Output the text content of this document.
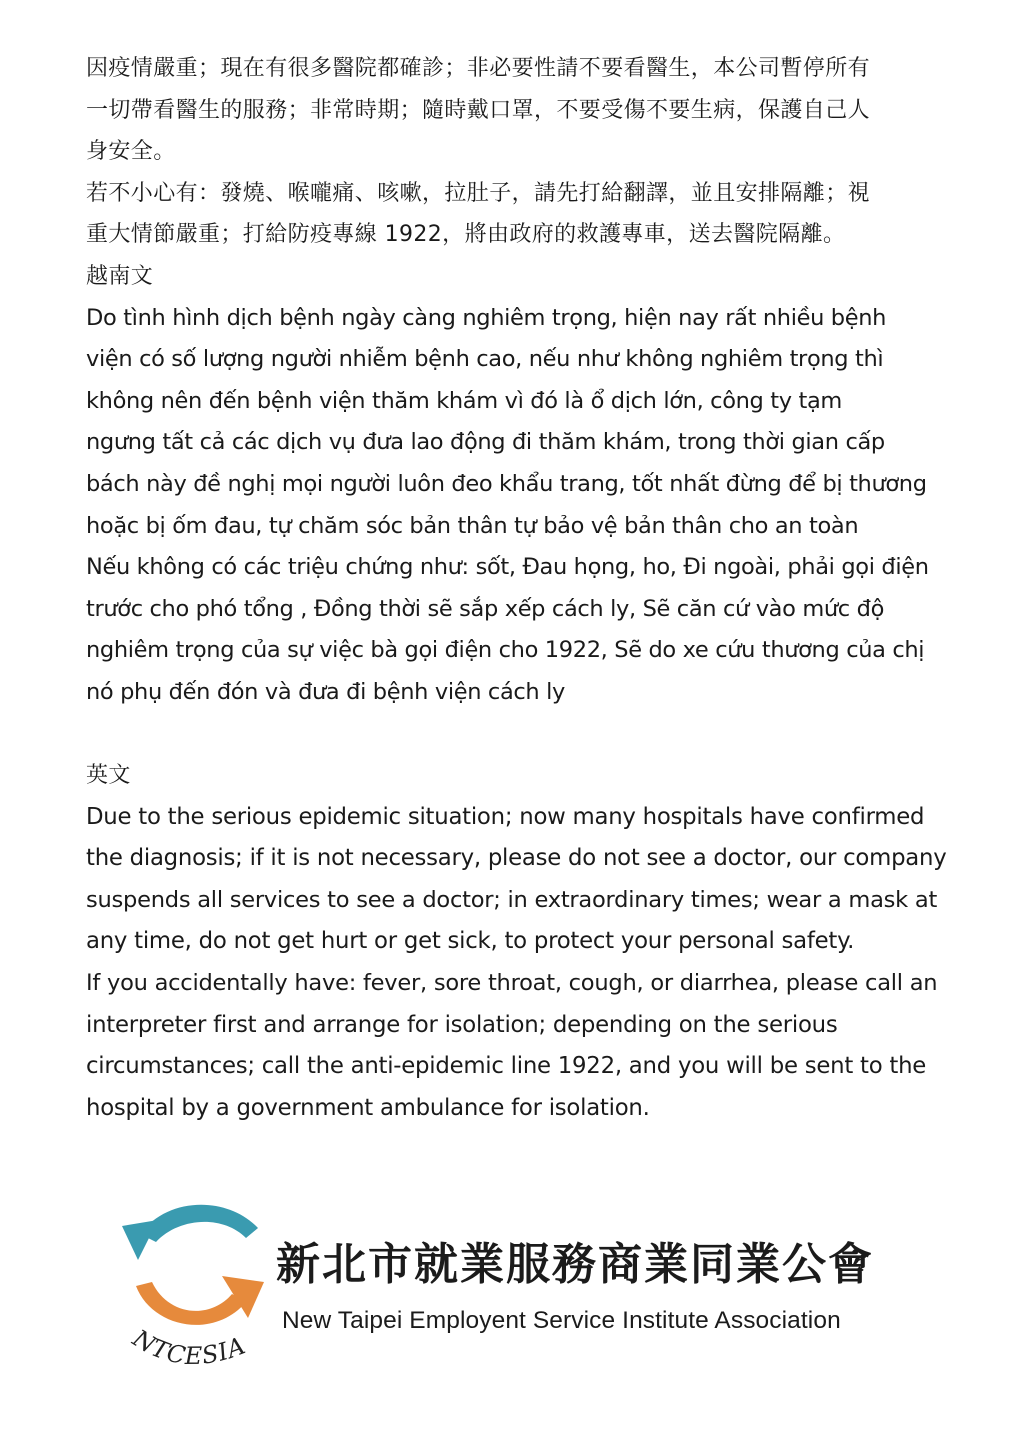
因疫情嚴重；現在有很多醫院都確診；非必要性請不要看醫生，本公司暫停所有
一切帶看醫生的服務；非常時期；隨時戴口罩，不要受傷不要生病，保護自己人
身安全。
若不小心有：發燒、喉嚨痛、咳嗽，拉肚子，請先打給翻譯，並且安排隔離；視
重大情節嚴重；打給防疫專線 1922，將由政府的救護專車，送去醫院隔離。
越南文
Do tình hình dịch bệnh ngày càng nghiêm trọng, hiện nay rất nhiều bệnh
viện có số lượng người nhiễm bệnh cao, nếu như không nghiêm trọng thì
không nên đến bệnh viện thăm khám vì đó là ổ dịch lớn, công ty tạm
ngưng tất cả các dịch vụ đưa lao động đi thăm khám, trong thời gian cấp
bách này đề nghị mọi người luôn đeo khẩu trang, tốt nhất đừng để bị thương
hoặc bị ốm đau, tự chăm sóc bản thân tự bảo vệ bản thân cho an toàn
Nếu không có các triệu chứng như: sốt, Đau họng, ho, Đi ngoài, phải gọi điện
trước cho phó tổng , Đồng thời sẽ sắp xếp cách ly, Sẽ căn cứ vào mức độ
nghiêm trọng của sự việc bà gọi điện cho 1922, Sẽ do xe cứu thương của chị
nó phụ đến đón và đưa đi bệnh viện cách ly
英文
Due to the serious epidemic situation; now many hospitals have confirmed
the diagnosis; if it is not necessary, please do not see a doctor, our company
suspends all services to see a doctor; in extraordinary times; wear a mask at
any time, do not get hurt or get sick, to protect your personal safety.
If you accidentally have: fever, sore throat, cough, or diarrhea, please call an
interpreter first and arrange for isolation; depending on the serious
circumstances; call the anti-epidemic line 1922, and you will be sent to the
hospital by a government ambulance for isolation.
NTCESIA
新北市就業服務商業同業公會
New Taipei Employent Service Institute Association
